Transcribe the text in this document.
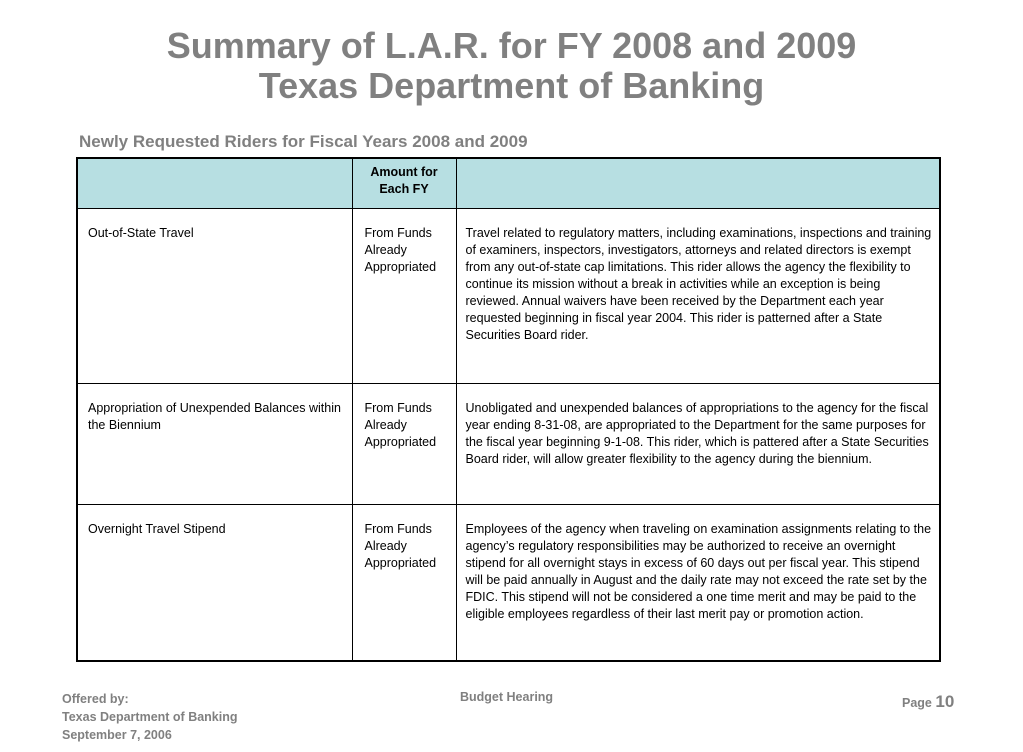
Summary of L.A.R. for FY 2008 and 2009
Texas Department of Banking
Newly Requested Riders for Fiscal Years 2008 and 2009
	Amount for
Each FY	
Out-of-State Travel	From Funds Already Appropriated	Travel related to regulatory matters, including examinations, inspections and training of examiners, inspectors, investigators, attorneys and related directors is exempt from any out-of-state cap limitations. This rider allows the agency the flexibility to continue its mission without a break in activities while an exception is being reviewed. Annual waivers have been received by the Department each year requested beginning in fiscal year 2004. This rider is patterned after a State Securities Board rider.
Appropriation of Unexpended Balances within the Biennium	From Funds Already Appropriated	Unobligated and unexpended balances of appropriations to the agency for the fiscal year ending 8-31-08, are appropriated to the Department for the same purposes for the fiscal year beginning 9-1-08. This rider, which is pattered after a State Securities Board rider, will allow greater flexibility to the agency during the biennium.
Overnight Travel Stipend	From Funds Already Appropriated	Employees of the agency when traveling on examination assignments relating to the agency’s regulatory responsibilities may be authorized to receive an overnight stipend for all overnight stays in excess of 60 days out per fiscal year. This stipend will be paid annually in August and the daily rate may not exceed the rate set by the FDIC. This stipend will not be considered a one time merit and may be paid to the eligible employees regardless of their last merit pay or promotion action.
Offered by:
Texas Department of Banking
September 7, 2006
Budget Hearing	Page 10
